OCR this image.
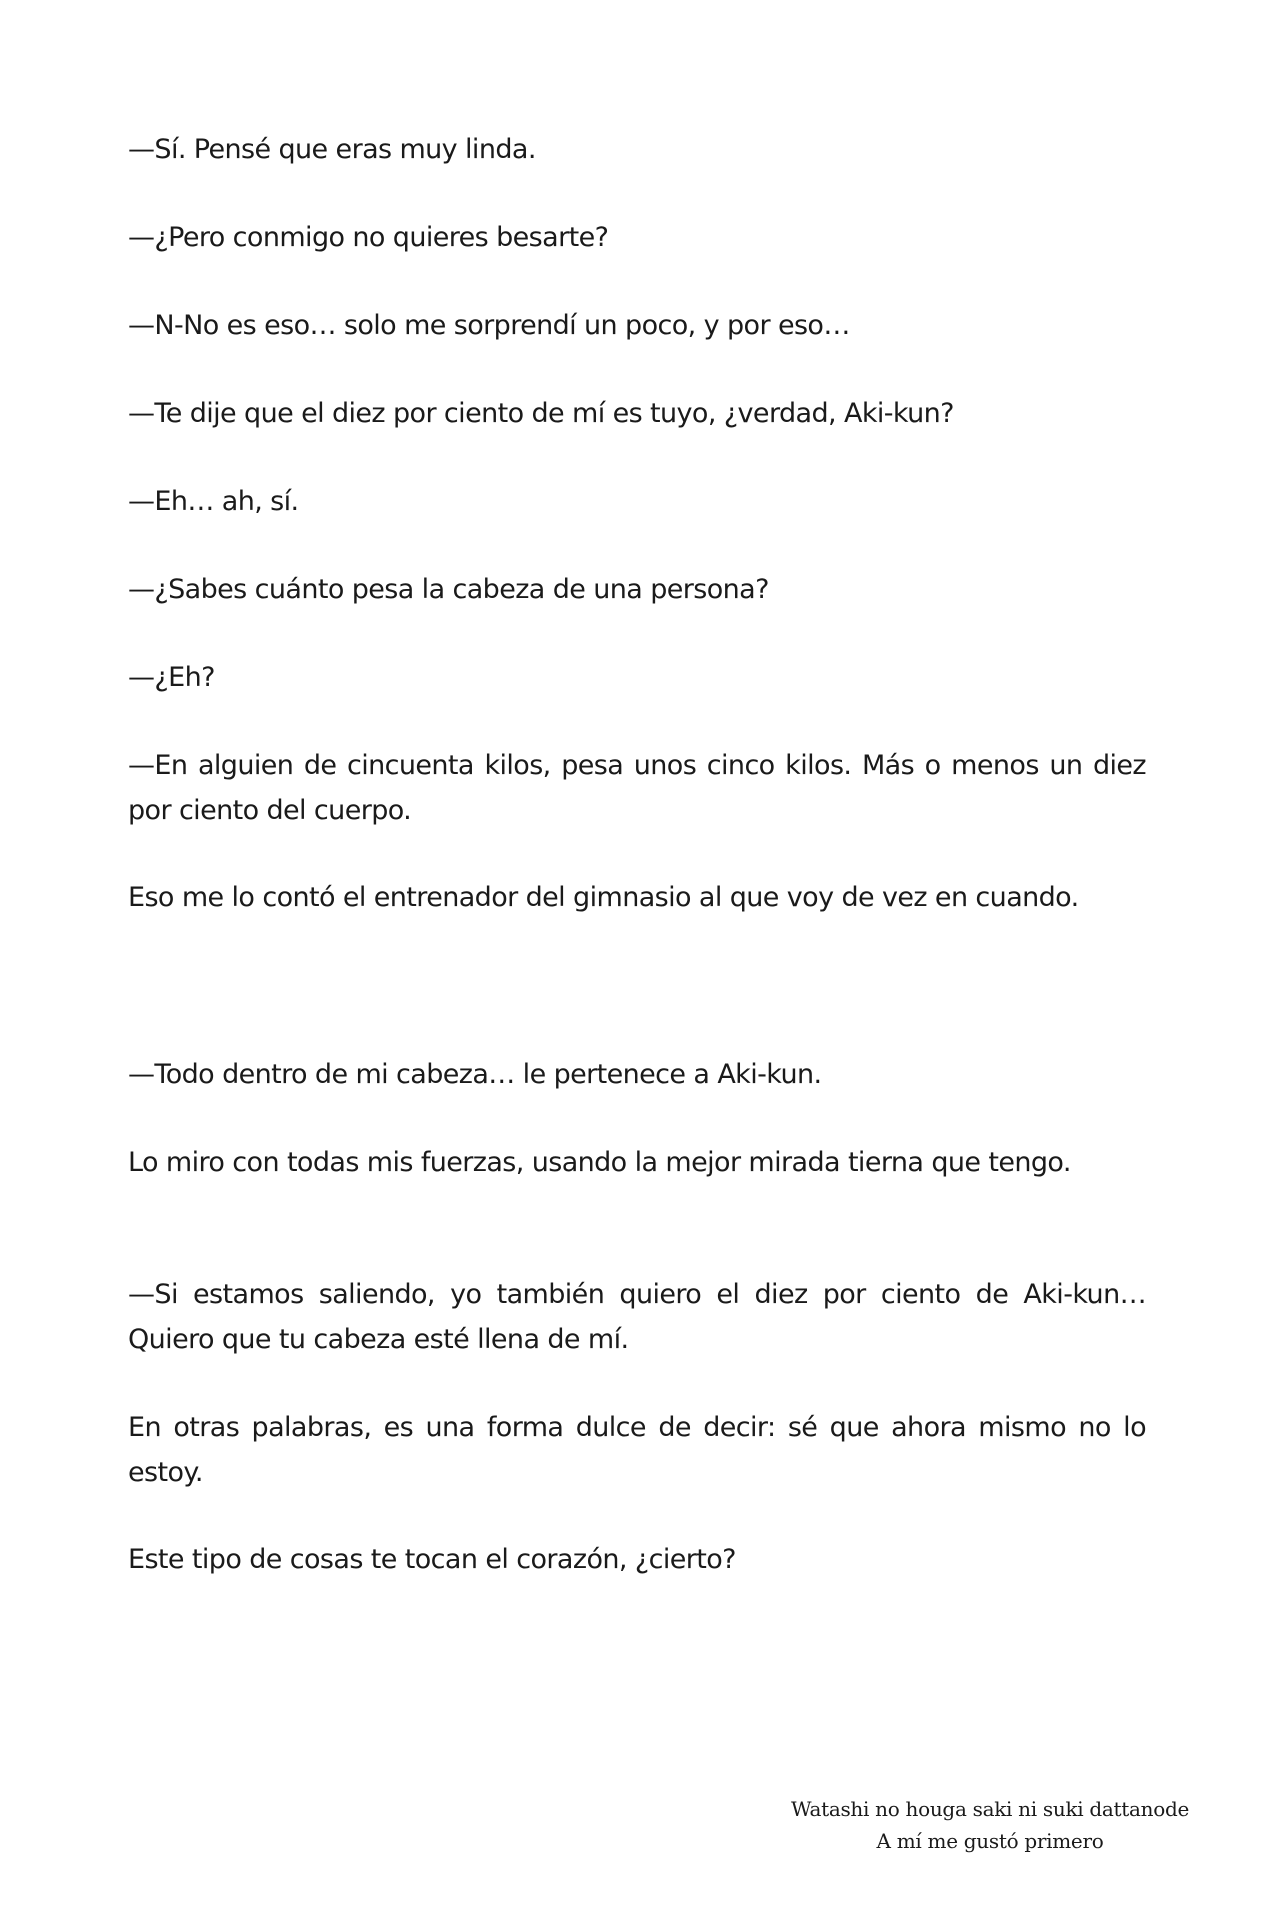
—Sí. Pensé que eras muy linda.

—¿Pero conmigo no quieres besarte?

—N-No es eso… solo me sorprendí un poco, y por eso…

—Te dije que el diez por ciento de mí es tuyo, ¿verdad, Aki-kun?

—Eh… ah, sí.

—¿Sabes cuánto pesa la cabeza de una persona?

—¿Eh?

—En alguien de cincuenta kilos, pesa unos cinco kilos. Más o menos un diez por ciento del cuerpo.

Eso me lo contó el entrenador del gimnasio al que voy de vez en cuando.

—Todo dentro de mi cabeza… le pertenece a Aki-kun.

Lo miro con todas mis fuerzas, usando la mejor mirada tierna que tengo.

—Si estamos saliendo, yo también quiero el diez por ciento de Aki-kun… Quiero que tu cabeza esté llena de mí.

En otras palabras, es una forma dulce de decir: sé que ahora mismo no lo estoy.

Este tipo de cosas te tocan el corazón, ¿cierto?

Watashi no houga saki ni suki dattanode
A mí me gustó primero
